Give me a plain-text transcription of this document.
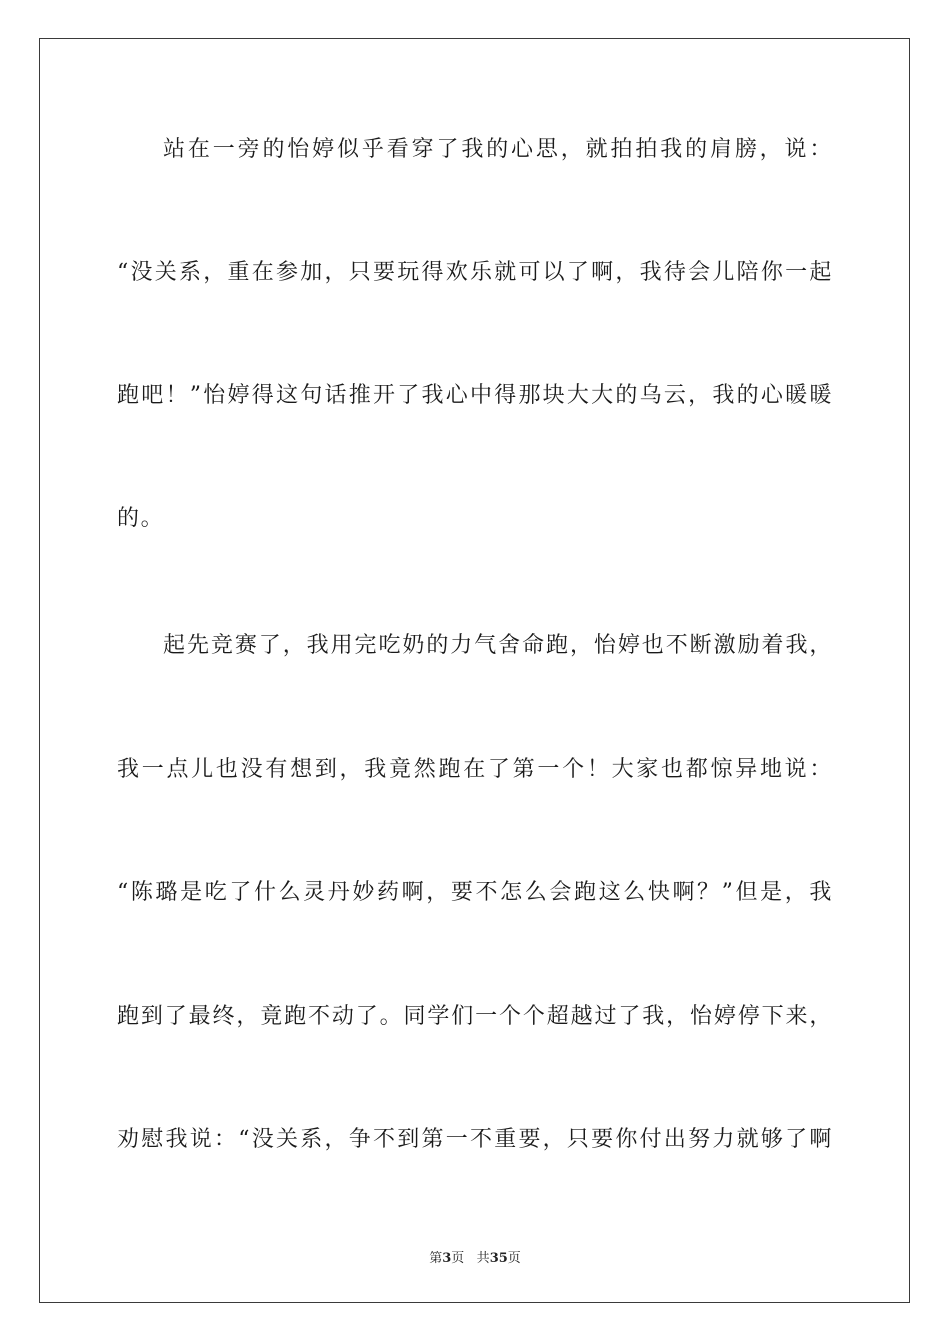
站在一旁的怡婷似乎看穿了我的心思，就拍拍我的肩膀，说：
“没关系，重在参加，只要玩得欢乐就可以了啊，我待会儿陪你一起
跑吧！”怡婷得这句话推开了我心中得那块大大的乌云，我的心暖暖
的。
起先竞赛了，我用完吃奶的力气舍命跑，怡婷也不断激励着我，
我一点儿也没有想到，我竟然跑在了第一个！大家也都惊异地说：
“陈璐是吃了什么灵丹妙药啊，要不怎么会跑这么快啊？”但是，我
跑到了最终，竟跑不动了。同学们一个个超越过了我，怡婷停下来，
劝慰我说：“没关系，争不到第一不重要，只要你付出努力就够了啊
第3页 共35页
